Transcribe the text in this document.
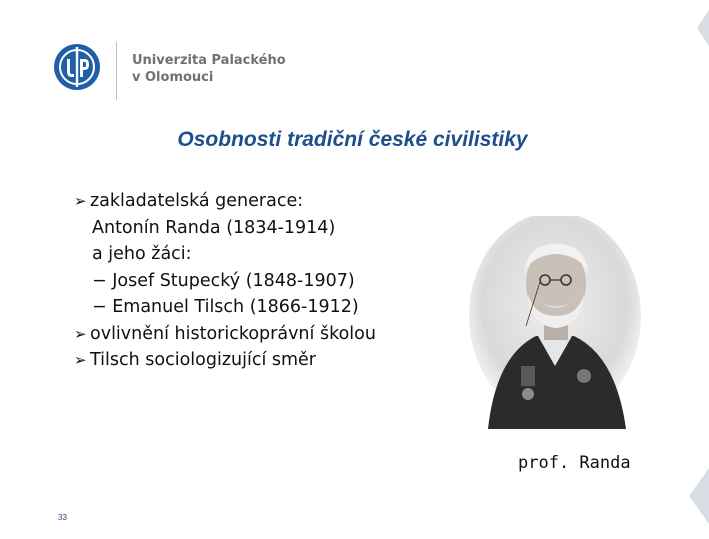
Univerzita Palackého
v Olomouci
Osobnosti tradiční české civilistiky
➢ zakladatelská generace:
Antonín Randa (1834-1914)
a jeho žáci:
− Josef Stupecký (1848-1907)
− Emanuel Tilsch (1866-1912)
➢ ovlivnění historickoprávní školou
➢ Tilsch sociologizující směr
prof. Randa
33
